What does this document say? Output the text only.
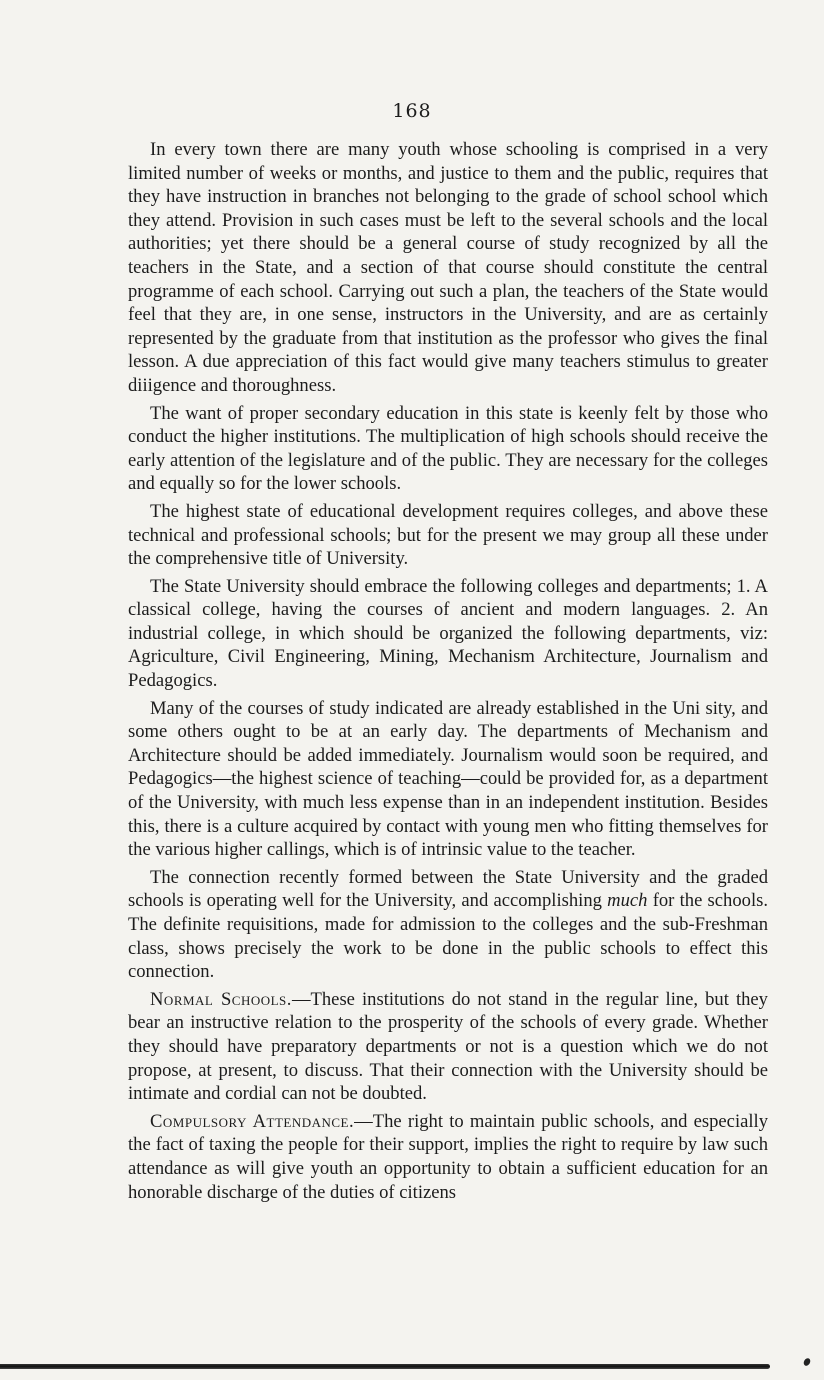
168

In every town there are many youth whose schooling is comprised in a very limited number of weeks or months, and justice to them and the public, requires that they have instruction in branches not belonging to the grade of school school which they attend. Provision in such cases must be left to the several schools and the local authorities; yet there should be a general course of study recognized by all the teachers in the State, and a section of that course should constitute the central programme of each school. Carrying out such a plan, the teachers of the State would feel that they are, in one sense, instructors in the University, and are as certainly represented by the graduate from that institution as the professor who gives the final lesson. A due appreciation of this fact would give many teachers stimulus to greater diiigence and thoroughness.

The want of proper secondary education in this state is keenly felt by those who conduct the higher institutions. The multiplication of high schools should receive the early attention of the legislature and of the public. They are necessary for the colleges and equally so for the lower schools.

The highest state of educational development requires colleges, and above these technical and professional schools; but for the present we may group all these under the comprehensive title of University.

The State University should embrace the following colleges and departments; 1. A classical college, having the courses of ancient and modern languages. 2. An industrial college, in which should be organized the following departments, viz: Agriculture, Civil Engineering, Mining, Mechanism Architecture, Journalism and Pedagogics.

Many of the courses of study indicated are already established in the Uni sity, and some others ought to be at an early day. The departments of Mechanism and Architecture should be added immediately. Journalism would soon be required, and Pedagogics—the highest science of teaching—could be provided for, as a department of the University, with much less expense than in an independent institution. Besides this, there is a culture acquired by contact with young men who fitting themselves for the various higher callings, which is of intrinsic value to the teacher.

The connection recently formed between the State University and the graded schools is operating well for the University, and accomplishing much for the schools. The definite requisitions, made for admission to the colleges and the sub-Freshman class, shows precisely the work to be done in the public schools to effect this connection.

Normal Schools.—These institutions do not stand in the regular line, but they bear an instructive relation to the prosperity of the schools of every grade. Whether they should have preparatory departments or not is a question which we do not propose, at present, to discuss. That their connection with the University should be intimate and cordial can not be doubted.

Compulsory Attendance.—The right to maintain public schools, and especially the fact of taxing the people for their support, implies the right to require by law such attendance as will give youth an opportunity to obtain a sufficient education for an honorable discharge of the duties of citizens
